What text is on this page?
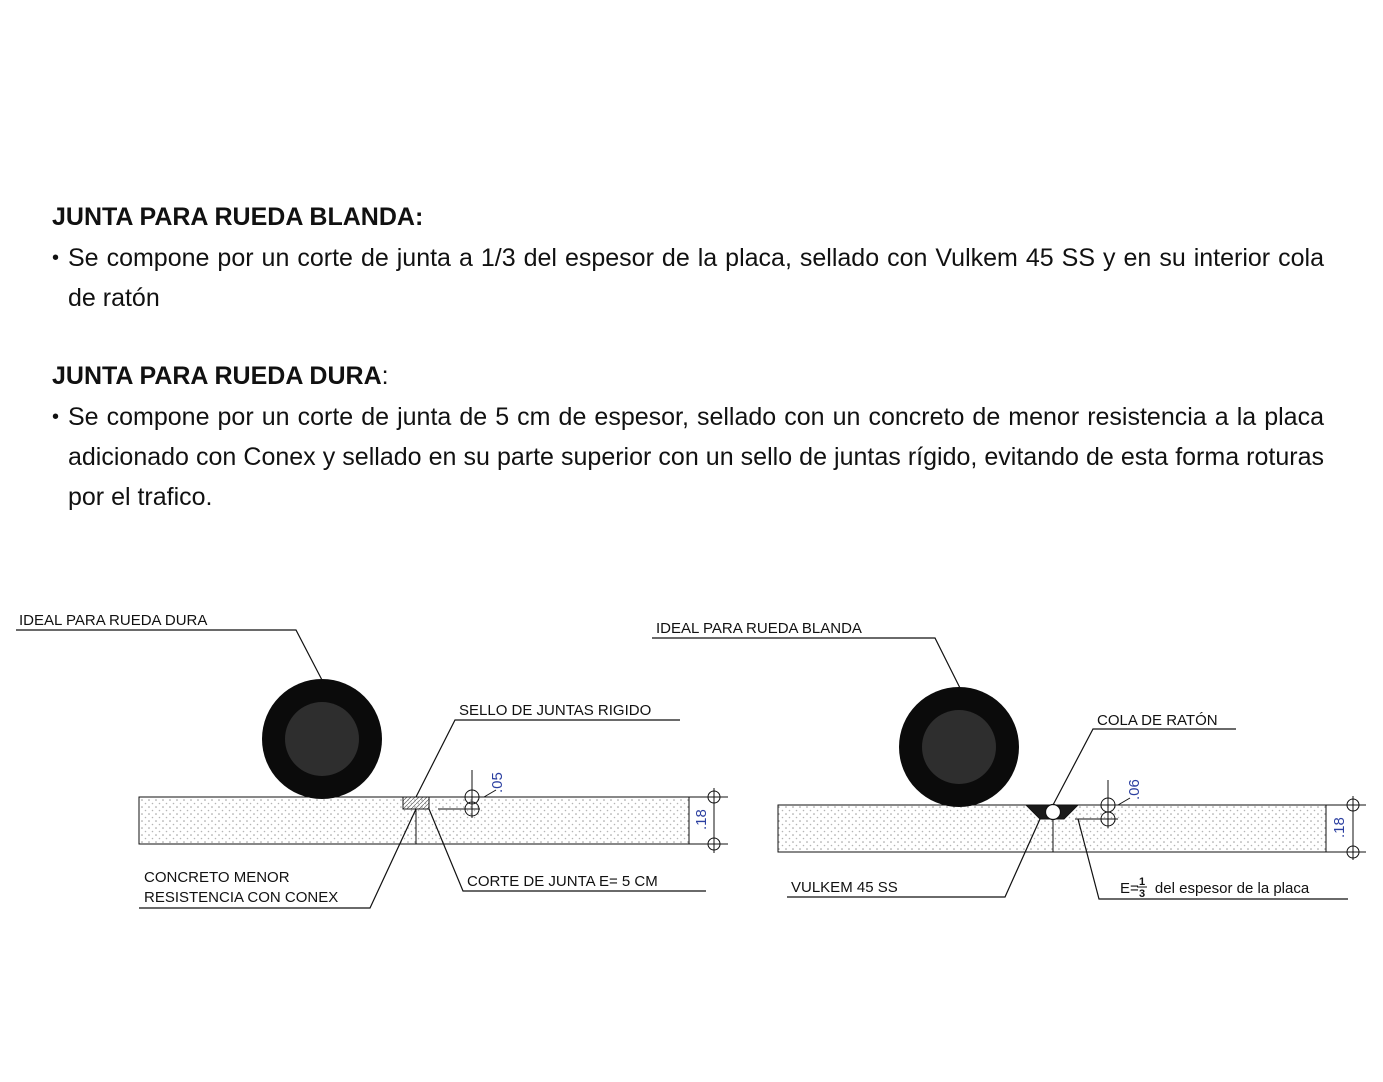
JUNTA PARA RUEDA BLANDA:

• Se compone por un corte de junta a 1/3 del espesor de la placa, sellado con Vulkem 45 SS y en su interior cola de ratón

JUNTA PARA RUEDA DURA:

• Se compone por un corte de junta de 5 cm de espesor, sellado con un concreto de menor resistencia a la placa adicionado con Conex y sellado en su parte superior con un sello de juntas rígido, evitando de esta forma roturas por el trafico.
IDEAL PARA RUEDA DURA
SELLO DE JUNTAS RIGIDO
CONCRETO MENOR
RESISTENCIA CON CONEX
CORTE DE JUNTA E= 5 CM
.05
.18
IDEAL PARA RUEDA BLANDA
COLA DE RATÓN
VULKEM 45 SS	E= del espesor de la placa
1
3
.06
.18
